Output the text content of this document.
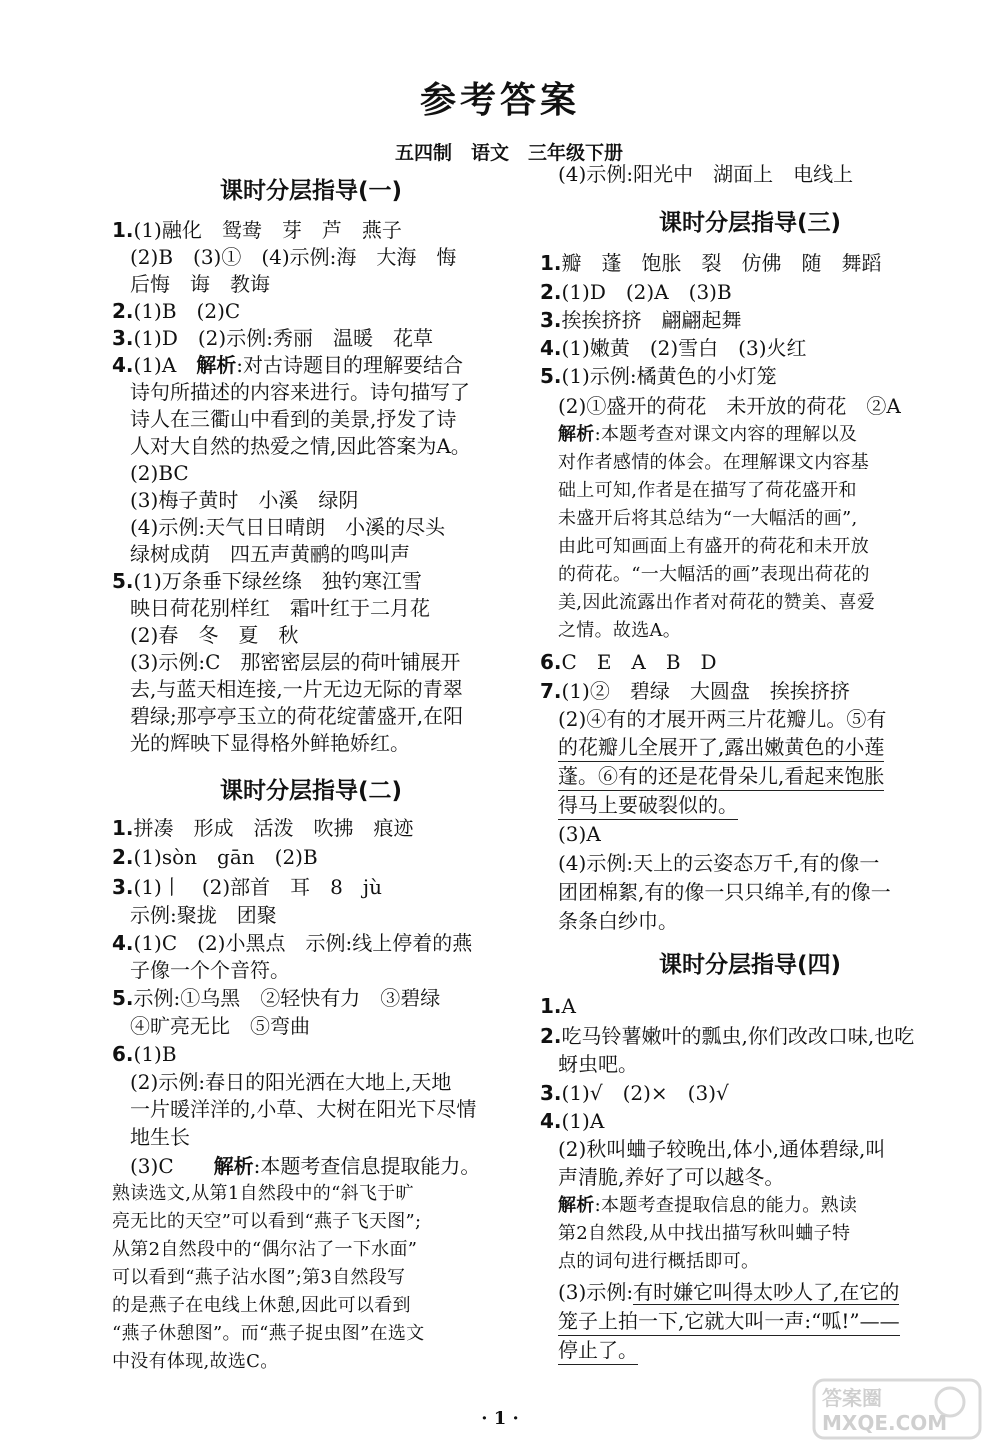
参考答案
五四制　语文　三年级下册
课时分层指导(一)
1.(1)融化　鸳鸯　芽　芦　燕子
(2)B　(3)①　(4)示例:海　大海　悔
后悔　诲　教诲
2.(1)B　(2)C
3.(1)D　(2)示例:秀丽　温暖　花草
4.(1)A　解析:对古诗题目的理解要结合
诗句所描述的内容来进行。诗句描写了
诗人在三衢山中看到的美景,抒发了诗
人对大自然的热爱之情,因此答案为A。
(2)BC
(3)梅子黄时　小溪　绿阴
(4)示例:天气日日晴朗　小溪的尽头
绿树成荫　四五声黄鹂的鸣叫声
5.(1)万条垂下绿丝绦　独钓寒江雪
映日荷花别样红　霜叶红于二月花
(2)春　冬　夏　秋
(3)示例:C　那密密层层的荷叶铺展开
去,与蓝天相连接,一片无边无际的青翠
碧绿;那亭亭玉立的荷花绽蕾盛开,在阳
光的辉映下显得格外鲜艳娇红。
课时分层指导(二)
1.拼凑　形成　活泼　吹拂　痕迹
2.(1)sòn　gān　(2)B
3.(1)丨　(2)部首　耳　8　jù
示例:聚拢　团聚
4.(1)C　(2)小黑点　示例:线上停着的燕
子像一个个音符。
5.示例:①乌黑　②轻快有力　③碧绿
④旷亮无比　⑤弯曲
6.(1)B
(2)示例:春日的阳光洒在大地上,天地
一片暖洋洋的,小草、大树在阳光下尽情
地生长
(3)C　　解析:本题考查信息提取能力。
熟读选文,从第1自然段中的“斜飞于旷
亮无比的天空”可以看到“燕子飞天图”;
从第2自然段中的“偶尔沾了一下水面”
可以看到“燕子沾水图”;第3自然段写
的是燕子在电线上休憩,因此可以看到
“燕子休憩图”。而“燕子捉虫图”在选文
中没有体现,故选C。
(4)示例:阳光中　湖面上　电线上
课时分层指导(三)
1.瓣　蓬　饱胀　裂　仿佛　随　舞蹈
2.(1)D　(2)A　(3)B
3.挨挨挤挤　翩翩起舞
4.(1)嫩黄　(2)雪白　(3)火红
5.(1)示例:橘黄色的小灯笼
(2)①盛开的荷花　未开放的荷花　②A
解析:本题考查对课文内容的理解以及
对作者感情的体会。在理解课文内容基
础上可知,作者是在描写了荷花盛开和
未盛开后将其总结为“一大幅活的画”,
由此可知画面上有盛开的荷花和未开放
的荷花。“一大幅活的画”表现出荷花的
美,因此流露出作者对荷花的赞美、喜爱
之情。故选A。
6.C　E　A　B　D
7.(1)②　碧绿　大圆盘　挨挨挤挤
(2)④有的才展开两三片花瓣儿。⑤有
的花瓣儿全展开了,露出嫩黄色的小莲
蓬。⑥有的还是花骨朵儿,看起来饱胀
得马上要破裂似的。
(3)A
(4)示例:天上的云姿态万千,有的像一
团团棉絮,有的像一只只绵羊,有的像一
条条白纱巾。
课时分层指导(四)
1.A
2.吃马铃薯嫩叶的瓢虫,你们改改口味,也吃
蚜虫吧。
3.(1)√　(2)×　(3)√
4.(1)A
(2)秋叫蛐子较晚出,体小,通体碧绿,叫
声清脆,养好了可以越冬。
解析:本题考查提取信息的能力。熟读
第2自然段,从中找出描写秋叫蛐子特
点的词句进行概括即可。
(3)示例:有时嫌它叫得太吵人了,在它的
笼子上拍一下,它就大叫一声:“呱!”——
停止了。
· 1 ·
答案圈 MXQE.COM
